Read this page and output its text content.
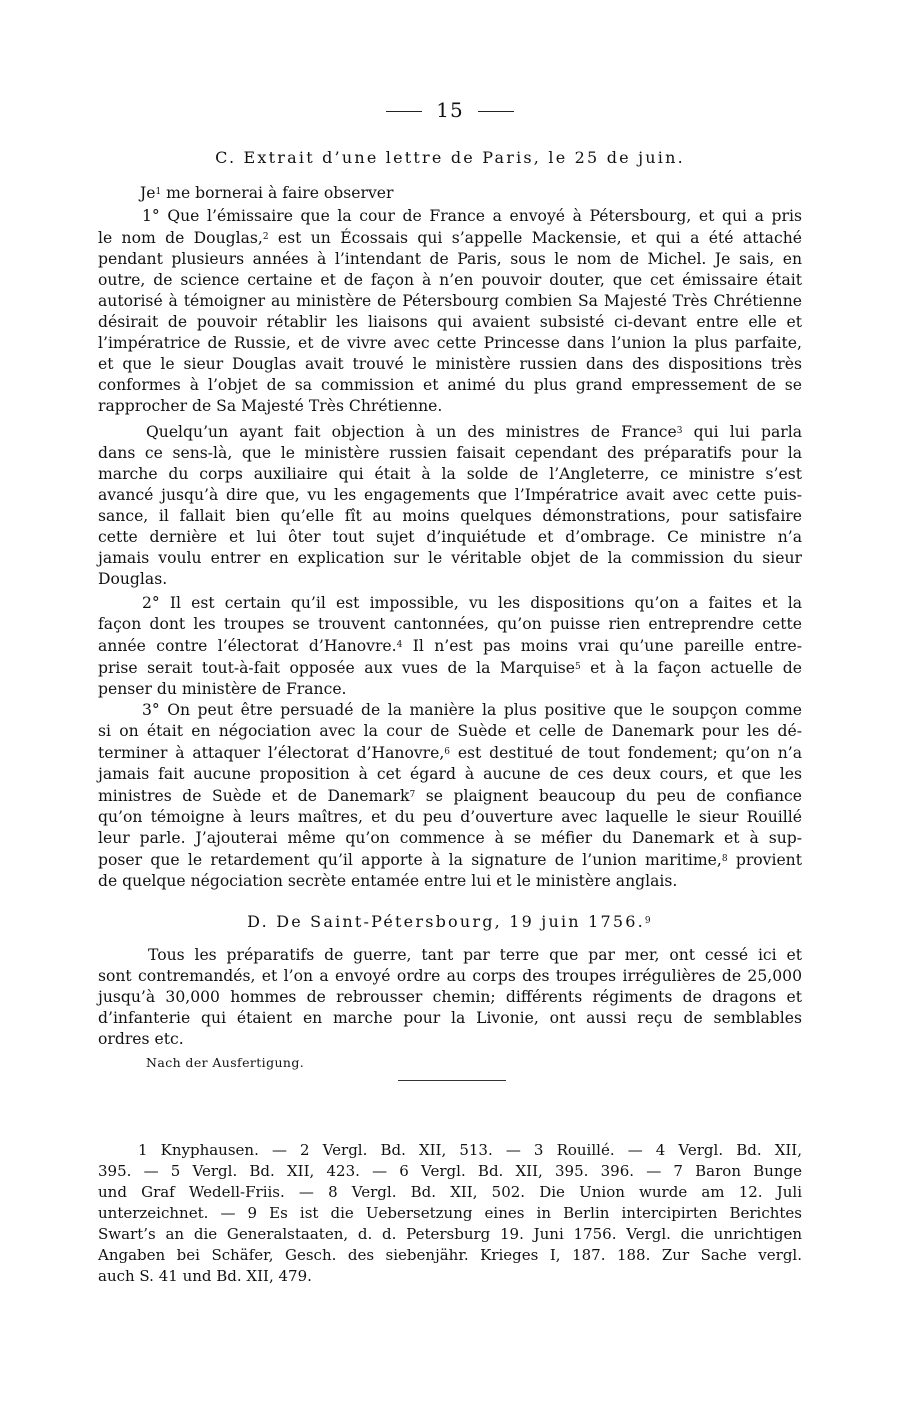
15
C. Extrait d’une lettre de Paris, le 25 de juin.
Je$^1$ me bornerai à faire observer
1° Que l’émissaire que la cour de France a envoyé à Pétersbourg, et qui a pris
le nom de Douglas,$^2$ est un Écossais qui s’appelle Mackensie, et qui a été attaché
pendant plusieurs années à l’intendant de Paris, sous le nom de Michel. Je sais, en
outre, de science certaine et de façon à n’en pouvoir douter, que cet émissaire était
autorisé à témoigner au ministère de Pétersbourg combien Sa Majesté Très Chrétienne
désirait de pouvoir rétablir les liaisons qui avaient subsisté ci-devant entre elle et
l’impératrice de Russie, et de vivre avec cette Princesse dans l’union la plus parfaite,
et que le sieur Douglas avait trouvé le ministère russien dans des dispositions très
conformes à l’objet de sa commission et animé du plus grand empressement de se
rapprocher de Sa Majesté Très Chrétienne.
Quelqu’un ayant fait objection à un des ministres de France$^3$ qui lui parla
dans ce sens-là, que le ministère russien faisait cependant des préparatifs pour la
marche du corps auxiliaire qui était à la solde de l’Angleterre, ce ministre s’est
avancé jusqu’à dire que, vu les engagements que l’Impératrice avait avec cette puis-
sance, il fallait bien qu’elle fît au moins quelques démonstrations, pour satisfaire
cette dernière et lui ôter tout sujet d’inquiétude et d’ombrage. Ce ministre n’a
jamais voulu entrer en explication sur le véritable objet de la commission du sieur
Douglas.
2° Il est certain qu’il est impossible, vu les dispositions qu’on a faites et la
façon dont les troupes se trouvent cantonnées, qu’on puisse rien entreprendre cette
année contre l’électorat d’Hanovre.$^4$ Il n’est pas moins vrai qu’une pareille entre-
prise serait tout-à-fait opposée aux vues de la Marquise$^5$ et à la façon actuelle de
penser du ministère de France.
3° On peut être persuadé de la manière la plus positive que le soupçon comme
si on était en négociation avec la cour de Suède et celle de Danemark pour les dé-
terminer à attaquer l’électorat d’Hanovre,$^6$ est destitué de tout fondement; qu’on n’a
jamais fait aucune proposition à cet égard à aucune de ces deux cours, et que les
ministres de Suède et de Danemark$^7$ se plaignent beaucoup du peu de confiance
qu’on témoigne à leurs maîtres, et du peu d’ouverture avec laquelle le sieur Rouillé
leur parle. J’ajouterai même qu’on commence à se méfier du Danemark et à sup-
poser que le retardement qu’il apporte à la signature de l’union maritime,$^8$ provient
de quelque négociation secrète entamée entre lui et le ministère anglais.
D. De Saint-Pétersbourg, 19 juin 1756.$^9$
Tous les préparatifs de guerre, tant par terre que par mer, ont cessé ici et
sont contremandés, et l’on a envoyé ordre au corps des troupes irrégulières de 25,000
jusqu’à 30,000 hommes de rebrousser chemin; différents régiments de dragons et
d’infanterie qui étaient en marche pour la Livonie, ont aussi reçu de semblables
ordres etc.
Nach der Ausfertigung.
1 Knyphausen. — 2 Vergl. Bd. XII, 513. — 3 Rouillé. — 4 Vergl. Bd. XII,
395. — 5 Vergl. Bd. XII, 423. — 6 Vergl. Bd. XII, 395. 396. — 7 Baron Bunge
und Graf Wedell-Friis. — 8 Vergl. Bd. XII, 502. Die Union wurde am 12. Juli
unterzeichnet. — 9 Es ist die Uebersetzung eines in Berlin intercipirten Berichtes
Swart’s an die Generalstaaten, d. d. Petersburg 19. Juni 1756. Vergl. die unrichtigen
Angaben bei Schäfer, Gesch. des siebenjähr. Krieges I, 187. 188. Zur Sache vergl.
auch S. 41 und Bd. XII, 479.
